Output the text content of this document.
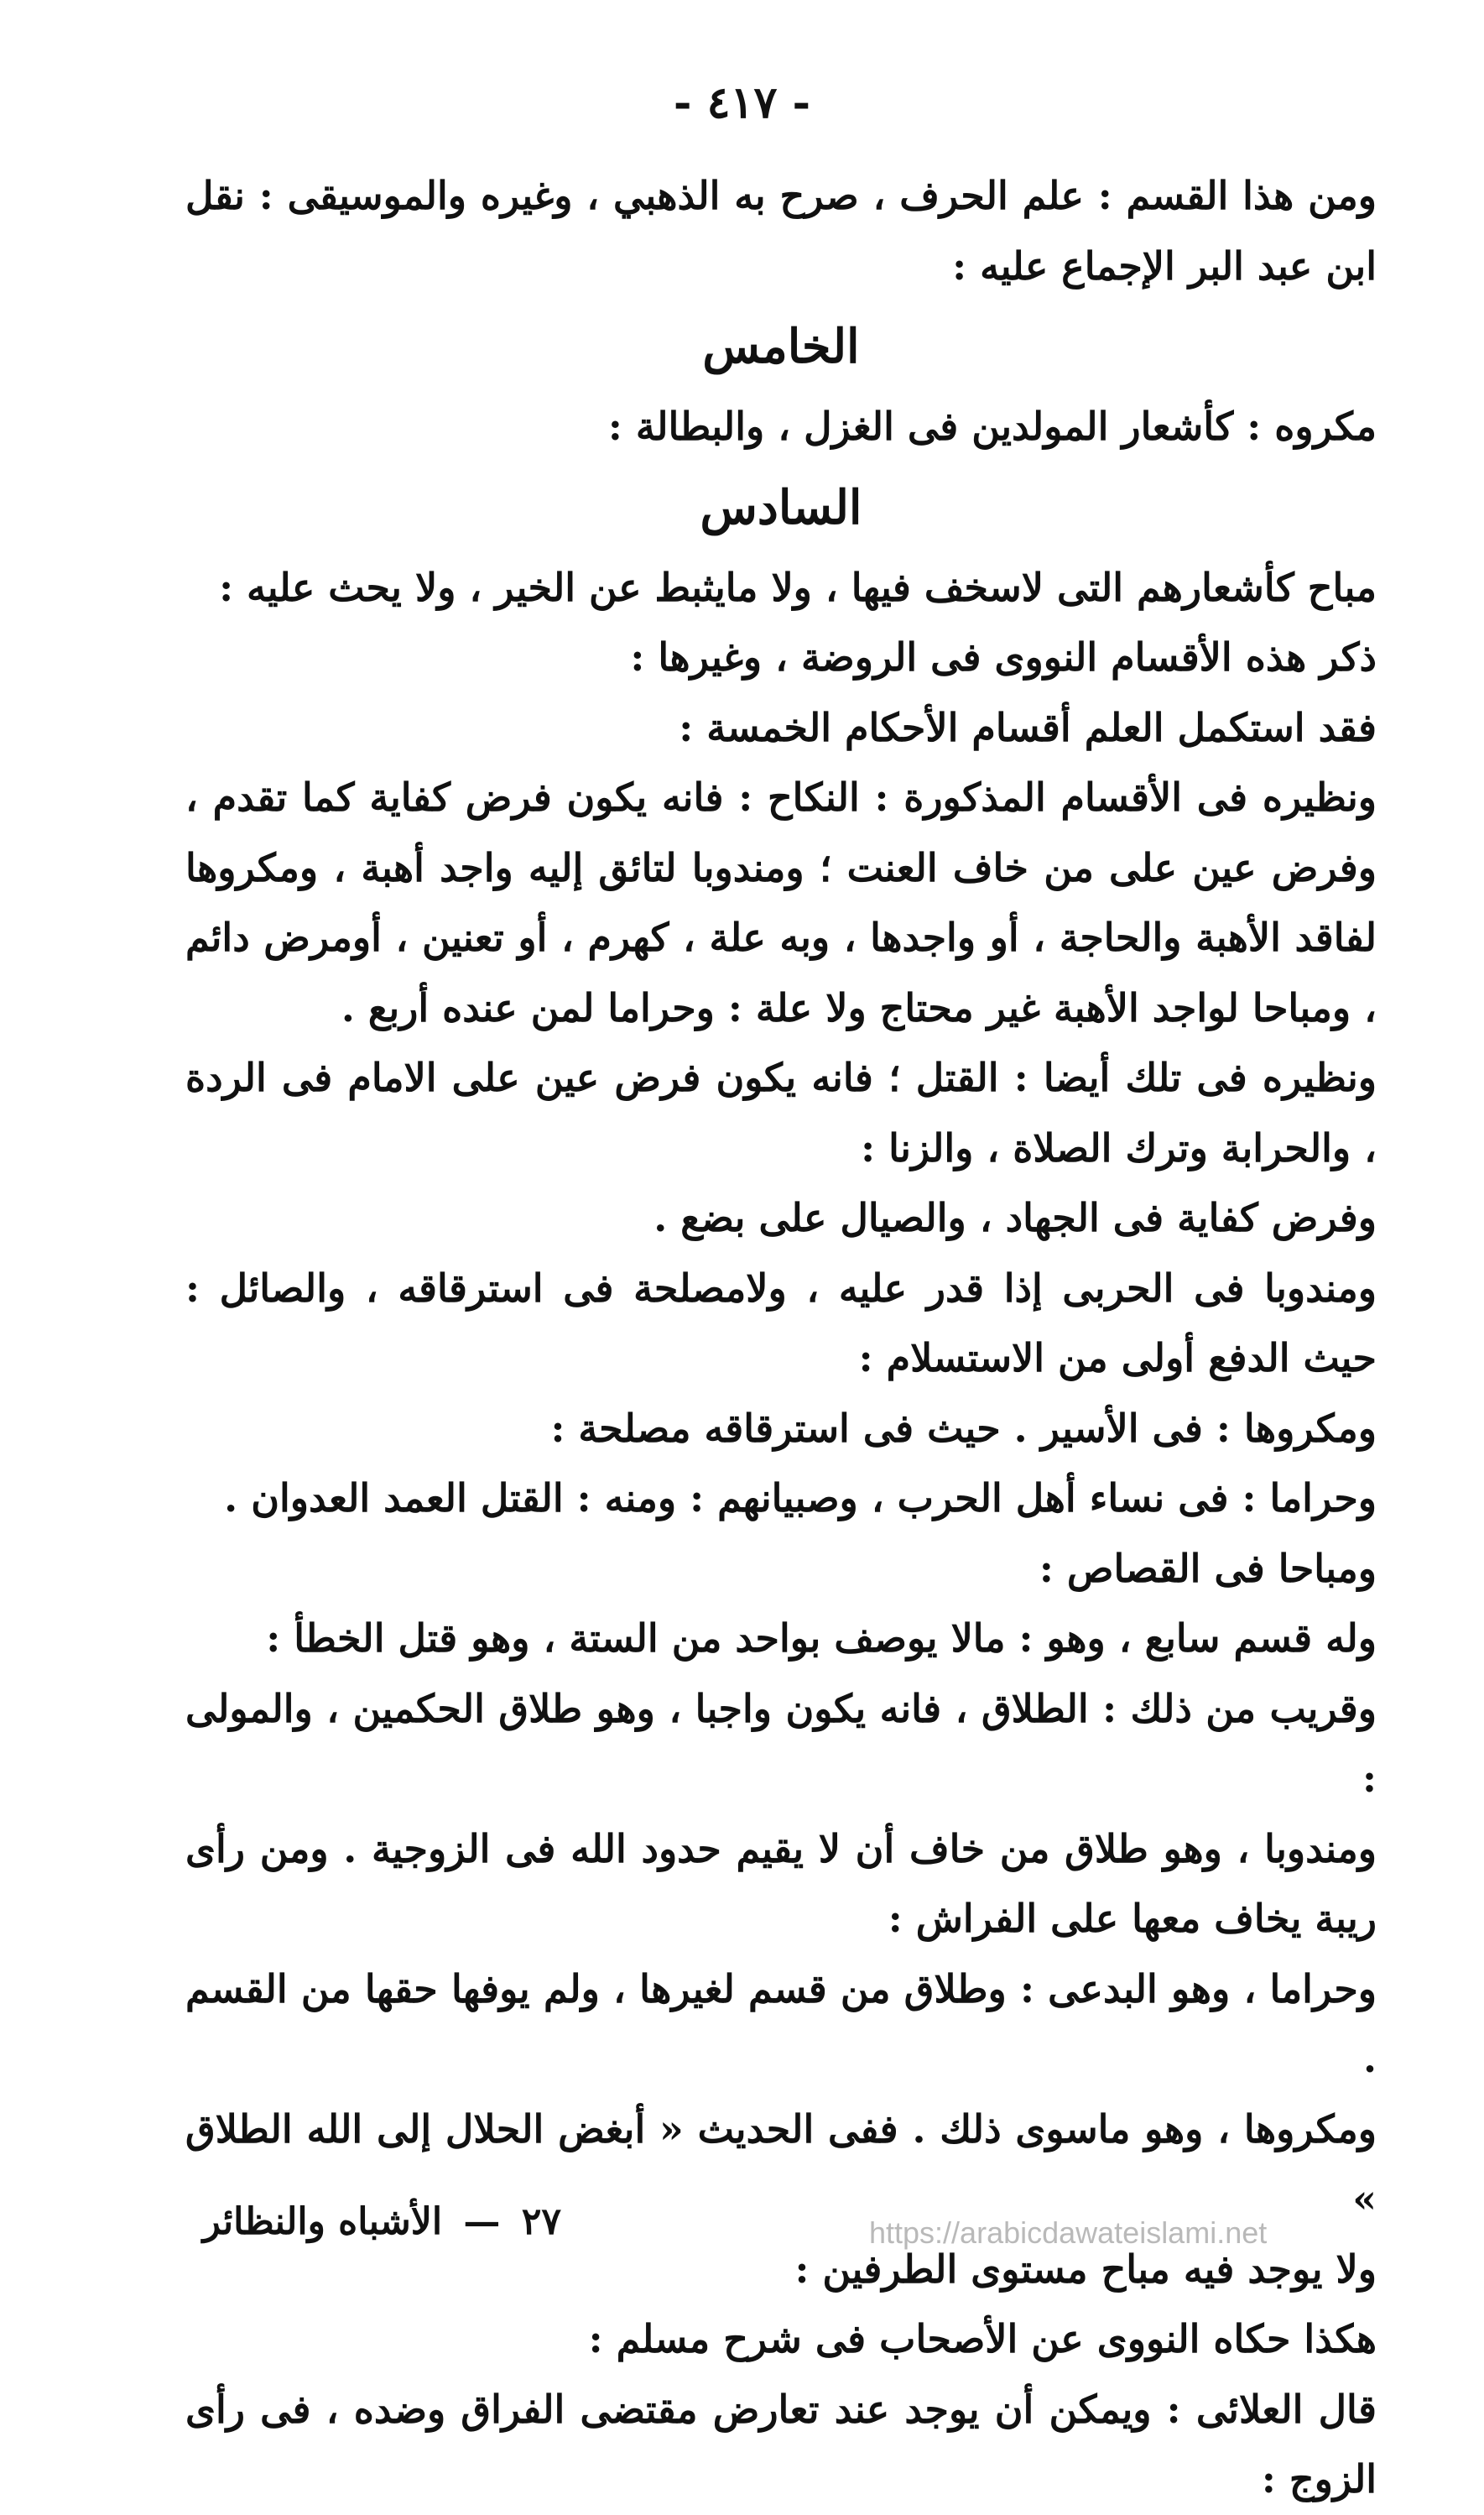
- ٤١٧ -

ومن هذا القسم : علم الحرف ، صرح به الذهبي ، وغيره والموسيقى : نقل ابن عبد البر الإجماع عليه :

الخامس

مكروه : كأشعار المولدين فى الغزل ، والبطالة :

السادس

مباح كأشعارهم التى لاسخف فيها ، ولا مايثبط عن الخير ، ولا يحث عليه :

ذكر هذه الأقسام النووى فى الروضة ، وغيرها :

فقد استكمل العلم أقسام الأحكام الخمسة :

ونظيره فى الأقسام المذكورة : النكاح : فانه يكون فرض كفاية كما تقدم ، وفرض عين على من خاف العنت ؛ ومندوبا لتائق إليه واجد أهبة ، ومكروها لفاقد الأهبة والحاجة ، أو واجدها ، وبه علة ، كهرم ، أو تعنين ، أومرض دائم ، ومباحا لواجد الأهبة غير محتاج ولا علة : وحراما لمن عنده أربع .

ونظيره فى تلك أيضا : القتل ؛ فانه يكون فرض عين على الامام فى الردة ، والحرابة وترك الصلاة ، والزنا :

وفرض كفاية فى الجهاد ، والصيال على بضع .

ومندوبا فى الحربى إذا قدر عليه ، ولامصلحة فى استرقاقه ، والصائل : حيث الدفع أولى من الاستسلام :

ومكروها : فى الأسير . حيث فى استرقاقه مصلحة :

وحراما : فى نساء أهل الحرب ، وصبيانهم : ومنه : القتل العمد العدوان .

ومباحا فى القصاص :

وله قسم سابع ، وهو : مالا يوصف بواحد من الستة ، وهو قتل الخطأ :

وقريب من ذلك : الطلاق ، فانه يكون واجبا ، وهو طلاق الحكمين ، والمولى :

ومندوبا ، وهو طلاق من خاف أن لا يقيم حدود الله فى الزوجية . ومن رأى ريبة يخاف معها على الفراش :

وحراما ، وهو البدعى : وطلاق من قسم لغيرها ، ولم يوفها حقها من القسم .

ومكروها ، وهو ماسوى ذلك . ففى الحديث « أبغض الحلال إلى الله الطلاق »

ولا يوجد فيه مباح مستوى الطرفين :

هكذا حكاه النووى عن الأصحاب فى شرح مسلم :

قال العلائى : ويمكن أن يوجد عند تعارض مقتضى الفراق وضده ، فى رأى الزوج :

٢٧ — الأشباه والنظائر	https://arabicdawateislami.net
